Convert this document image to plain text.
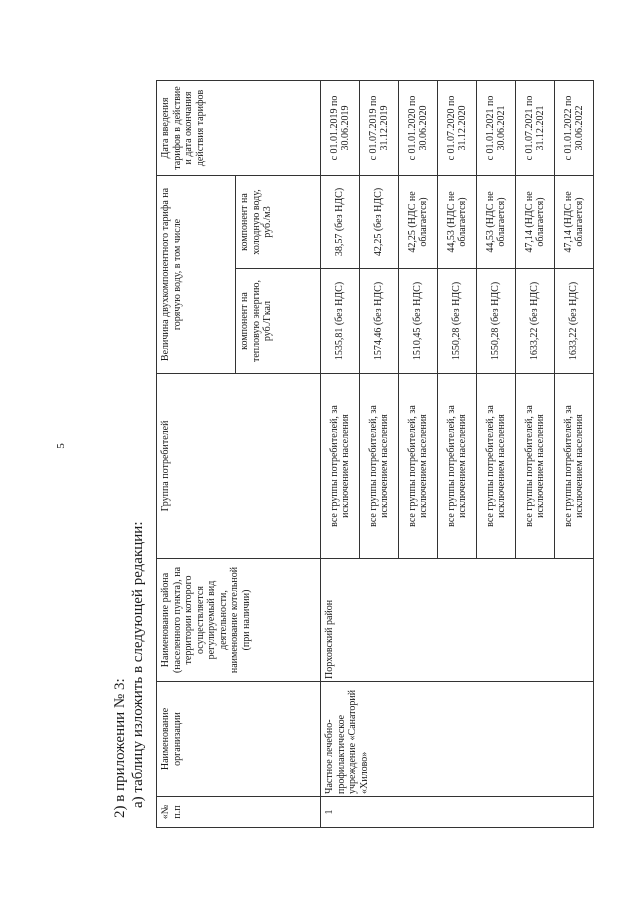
5
2) в приложении № 3: а) таблицу изложить в следующей редакции:
«№ п.п	Наименование организации	Наименование района (населенного пункта), на территории которого осуществляется регулируемый вид деятельности, наименование котельной (при наличии)	Группа потребителей	Величина двухкомпонентного тарифа на горячую воду, в том числе		Дата введения тарифов в действие и дата окончания действия тарифов
				компонент на тепловую энергию, руб./Гкал	компонент на холодную воду, руб./м3	
1	Частное лечебно-профилактическое учреждение «Санаторий «Хилово»	Порховский район	все группы потребителей, за исключением населения	1535,81 (без НДС)	38,57 (без НДС)	с 01.01.2019 по 30.06.2019
			все группы потребителей, за исключением населения	1574,46 (без НДС)	42,25 (без НДС)	с 01.07.2019 по 31.12.2019
			все группы потребителей, за исключением населения	1510,45 (без НДС)	42,25 (НДС не облагается)	с 01.01.2020 по 30.06.2020
			все группы потребителей, за исключением населения	1550,28 (без НДС)	44,53 (НДС не облагается)	с 01.07.2020 по 31.12.2020
			все группы потребителей, за исключением населения	1550,28 (без НДС)	44,53 (НДС не облагается)	с 01.01.2021 по 30.06.2021
			все группы потребителей, за исключением населения	1633,22 (без НДС)	47,14 (НДС не облагается)	с 01.07.2021 по 31.12.2021
			все группы потребителей, за исключением населения	1633,22 (без НДС)	47,14 (НДС не облагается)	с 01.01.2022 по 30.06.2022
